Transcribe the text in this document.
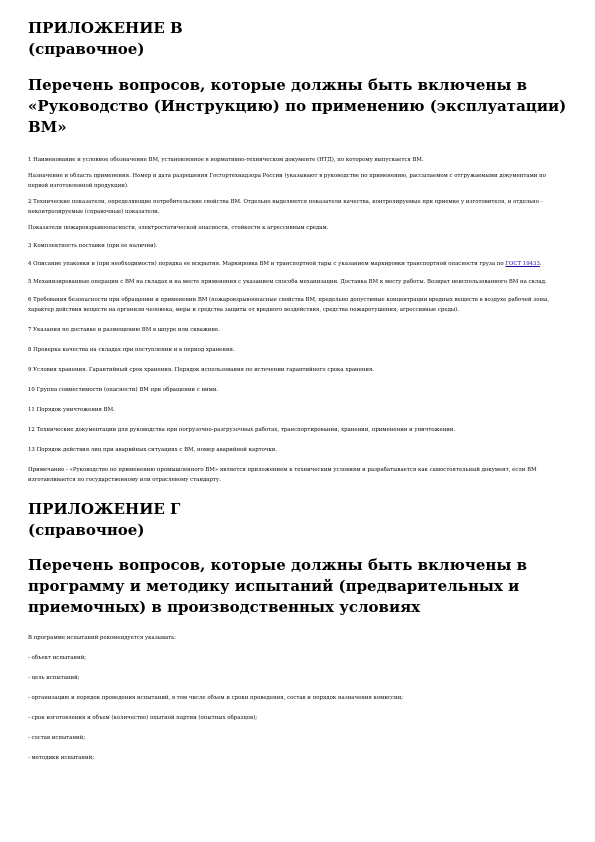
ПРИЛОЖЕНИЕ В
(справочное)
Перечень вопросов, которые должны быть включены в «Руководство (Инструкцию) по применению (эксплуатации) ВМ»

1 Наименование и условное обозначение ВМ, установленное в нормативно-техническом документе (НТД), по которому выпускается ВМ.

Назначение и область применения. Номер и дата разрешения Госгортехнадзора России (указывают в руководстве по применению, рассылаемом с отгружаемыми документами по первой изготовленной продукции).

2 Технические показатели, определяющие потребительские свойства ВМ. Отдельно выделяются показатели качества, контролируемые при приемке у изготовителя, и отдельно - неконтролируемые (справочные) показатели.

Показатели пожаровзрывоопасности, электростатической опасности, стойкости к агрессивным средам.

3 Комплектность поставки (при ее наличии).

4 Описание упаковки и (при необходимости) порядка ее вскрытия. Маркировка ВМ и транспортной тары с указанием маркировки транспортной опасности груза по ГОСТ 19433.

5 Механизированные операции с ВМ на складах и на месте применения с указанием способа механизации. Доставка ВМ к месту работы. Возврат неиспользованного ВМ на склад.

6 Требования безопасности при обращении и применении ВМ (пожаровзрывоопасные свойства ВМ, предельно допустимые концентрации вредных веществ в воздухе рабочей зоны, характер действия веществ на организм человека, меры и средства защиты от вредного воздействия, средства пожаротушения, агрессивные среды).

7 Указания по доставке и размещению ВМ в шпуре или скважине.

8 Проверка качества на складах при поступлении и в период хранения.

9 Условия хранения. Гарантийный срок хранения. Порядок использования по истечении гарантийного срока хранения.

10 Группа совместимости (опасности) ВМ при обращении с ними.

11 Порядок уничтожения ВМ.

12 Технические документации для руководства при погрузочно-разгрузочных работах, транспортировании, хранении, применении и уничтожении.

13 Порядок действия лиц при аварийных ситуациях с ВМ, номер аварийной карточки.

Примечание - «Руководство по применению промышленного ВМ» является приложением к техническим условиям и разрабатывается как самостоятельный документ, если ВМ изготавливается по государственному или отраслевому стандарту.

ПРИЛОЖЕНИЕ Г
(справочное)
Перечень вопросов, которые должны быть включены в программу и методику испытаний (предварительных и приемочных) в производственных условиях

В программе испытаний рекомендуется указывать:

- объект испытаний;

- цель испытаний;

- организацию и порядок проведения испытаний, в том числе объем и сроки проведения, состав и порядок назначения комиссии;

- срок изготовления и объем (количество) опытной партии (опытных образцов);

- состав испытаний;

- методики испытаний;
